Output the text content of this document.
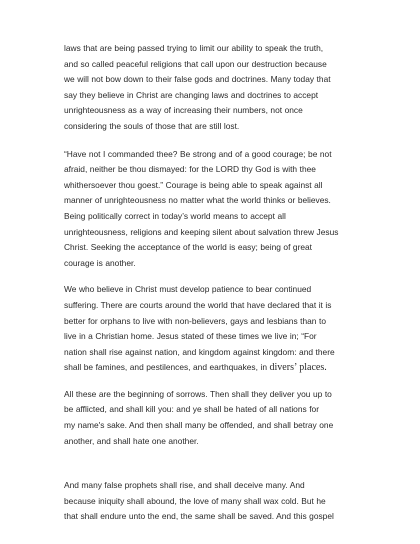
laws that are being passed trying to limit our ability to speak the truth,
and so called peaceful religions that call upon our destruction because
we will not bow down to their false gods and doctrines. Many today that
say they believe in Christ are changing laws and doctrines to accept
unrighteousness as a way of increasing their numbers, not once
considering the souls of those that are still lost.

“Have not I commanded thee? Be strong and of a good courage; be not
afraid, neither be thou dismayed: for the LORD thy God is with thee
whithersoever thou goest.” Courage is being able to speak against all
manner of unrighteousness no matter what the world thinks or believes.
Being politically correct in today’s world means to accept all
unrighteousness, religions and keeping silent about salvation threw Jesus
Christ. Seeking the acceptance of the world is easy; being of great
courage is another.

We who believe in Christ must develop patience to bear continued
suffering. There are courts around the world that have declared that it is
better for orphans to live with non-believers, gays and lesbians than to
live in a Christian home. Jesus stated of these times we live in; “For
nation shall rise against nation, and kingdom against kingdom: and there
shall be famines, and pestilences, and earthquakes, in divers’ places.

All these are the beginning of sorrows. Then shall they deliver you up to
be afflicted, and shall kill you: and ye shall be hated of all nations for
my name's sake. And then shall many be offended, and shall betray one
another, and shall hate one another.

And many false prophets shall rise, and shall deceive many. And
because iniquity shall abound, the love of many shall wax cold. But he
that shall endure unto the end, the same shall be saved. And this gospel
